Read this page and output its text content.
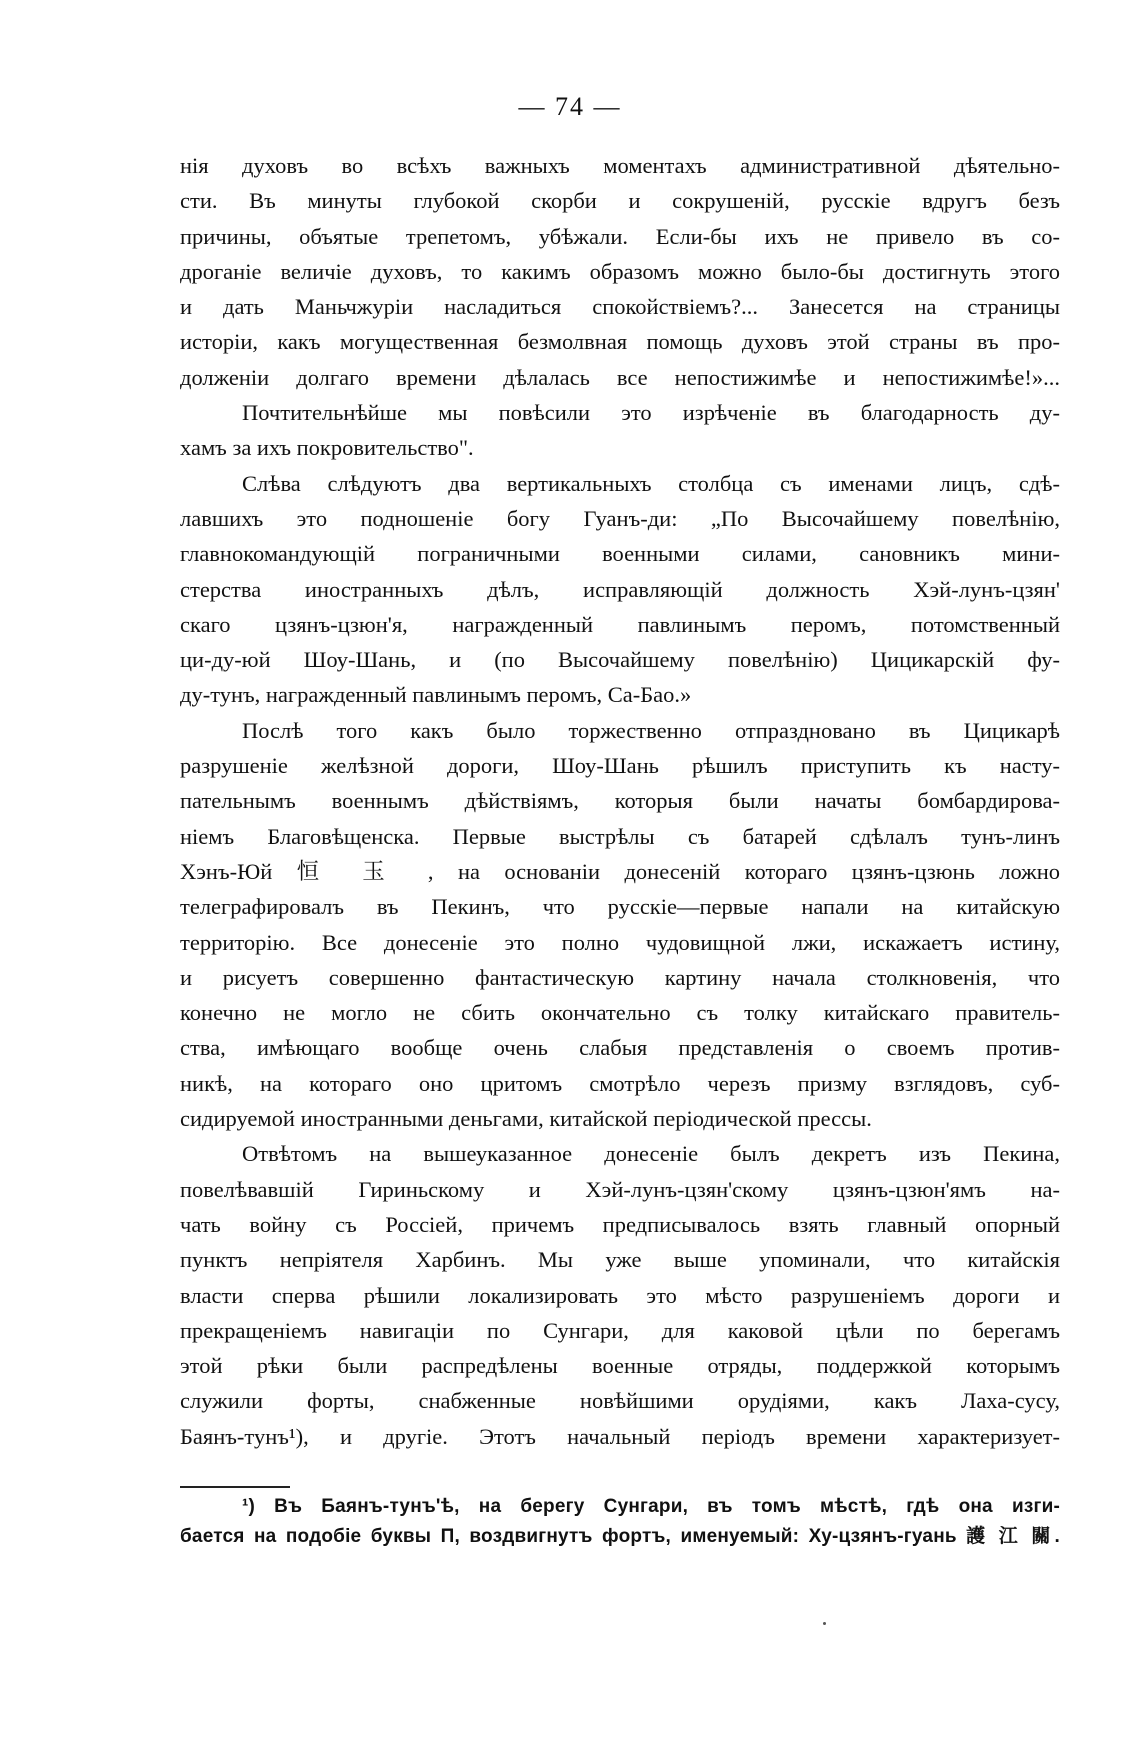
— 74 —
нія духовъ во всѣхъ важныхъ моментахъ административной дѣятельно-
сти. Въ минуты глубокой скорби и сокрушеній, русскіе вдругъ безъ
причины, объятые трепетомъ, убѣжали. Если-бы ихъ не привело въ со-
дроганіе величіе духовъ, то какимъ образомъ можно было-бы достигнуть этого
и дать Маньчжуріи насладиться спокойствіемъ?... Занесется на страницы
исторіи, какъ могущественная безмолвная помощь духовъ этой страны въ про-
долженіи долгаго времени дѣлалась все непостижимѣе и непостижимѣе!»...
Почтительнѣйше мы повѣсили это изрѣченіе въ благодарность ду-
хамъ за ихъ покровительство".
Слѣва слѣдуютъ два вертикальныхъ столбца съ именами лицъ, сдѣ-
лавшихъ это подношеніе богу Гуанъ-ди: „По Высочайшему повелѣнію,
главнокомандующій пограничными военными силами, сановникъ мини-
стерства иностранныхъ дѣлъ, исправляющій должность Хэй-лунъ-цзян'
скаго цзянъ-цзюн'я, награжденный павлинымъ перомъ, потомственный
ци-ду-юй Шоу-Шань, и (по Высочайшему повелѣнію) Цицикарскій фу-
ду-тунъ, награжденный павлинымъ перомъ, Са-Бао.»
Послѣ того какъ было торжественно отпраздновано въ Цицикарѣ
разрушеніе желѣзной дороги, Шоу-Шань рѣшилъ приступить къ насту-
пательнымъ военнымъ дѣйствіямъ, которыя были начаты бомбардирова-
ніемъ Благовѣщенска. Первые выстрѣлы съ батарей сдѣлалъ тунъ-линъ
Хэнъ-Юй 恒 玉 , на основаніи донесеній котораго цзянъ-цзюнь ложно
телеграфировалъ въ Пекинъ, что русскіе—первые напали на китайскую
территорію. Все донесеніе это полно чудовищной лжи, искажаетъ истину,
и рисуетъ совершенно фантастическую картину начала столкновенія, что
конечно не могло не сбить окончательно съ толку китайскаго правитель-
ства, имѣющаго вообще очень слабыя представленія о своемъ против-
никѣ, на котораго оно цритомъ смотрѣло черезъ призму взглядовъ, суб-
сидируемой иностранными деньгами, китайской періодической прессы.
Отвѣтомъ на вышеуказанное донесеніе былъ декретъ изъ Пекина,
повелѣвавшій Гириньскому и Хэй-лунъ-цзян'скому цзянъ-цзюн'ямъ на-
чать войну съ Россіей, причемъ предписывалось взять главный опорный
пунктъ непріятеля Харбинъ. Мы уже выше упоминали, что китайскія
власти сперва рѣшили локализировать это мѣсто разрушеніемъ дороги и
прекращеніемъ навигаціи по Сунгари, для каковой цѣли по берегамъ
этой рѣки были распредѣлены военные отряды, поддержкой которымъ
служили форты, снабженные новѣйшими орудіями, какъ Лаха-сусу,
Баянъ-тунъ¹), и другіе. Этотъ начальный періодъ времени характеризует-
¹) Въ Баянъ-тунъ'ѣ, на берегу Сунгари, въ томъ мѣстѣ, гдѣ она изги-
бается на подобіе буквы П, воздвигнутъ фортъ, именуемый: Ху-цзянъ-гуань 護 江 關.
